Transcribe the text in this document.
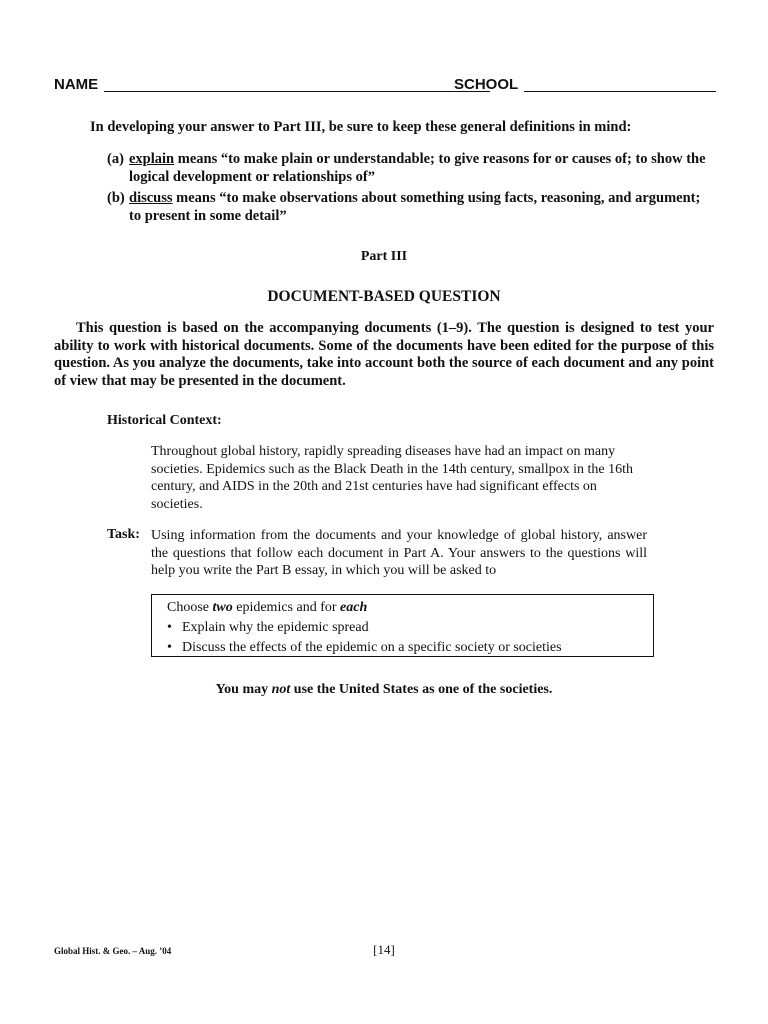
NAME	SCHOOL
In developing your answer to Part III, be sure to keep these general definitions in mind:
(a) explain means “to make plain or understandable; to give reasons for or causes of; to show the logical development or relationships of”
(b) discuss means “to make observations about something using facts, reasoning, and argument; to present in some detail”
Part III
DOCUMENT-BASED QUESTION

This question is based on the accompanying documents (1–9). The question is designed to test your ability to work with historical documents. Some of the documents have been edited for the purpose of this question. As you analyze the documents, take into account both the source of each document and any point of view that may be presented in the document.

Historical Context:

Throughout global history, rapidly spreading diseases have had an impact on many societies. Epidemics such as the Black Death in the 14th century, smallpox in the 16th century, and AIDS in the 20th and 21st centuries have had significant effects on societies.

Task: Using information from the documents and your knowledge of global history, answer the questions that follow each document in Part A. Your answers to the questions will help you write the Part B essay, in which you will be asked to

Choose two epidemics and for each
• Explain why the epidemic spread
• Discuss the effects of the epidemic on a specific society or societies
You may not use the United States as one of the societies.
Global Hist. & Geo. – Aug. ’04	[14]
